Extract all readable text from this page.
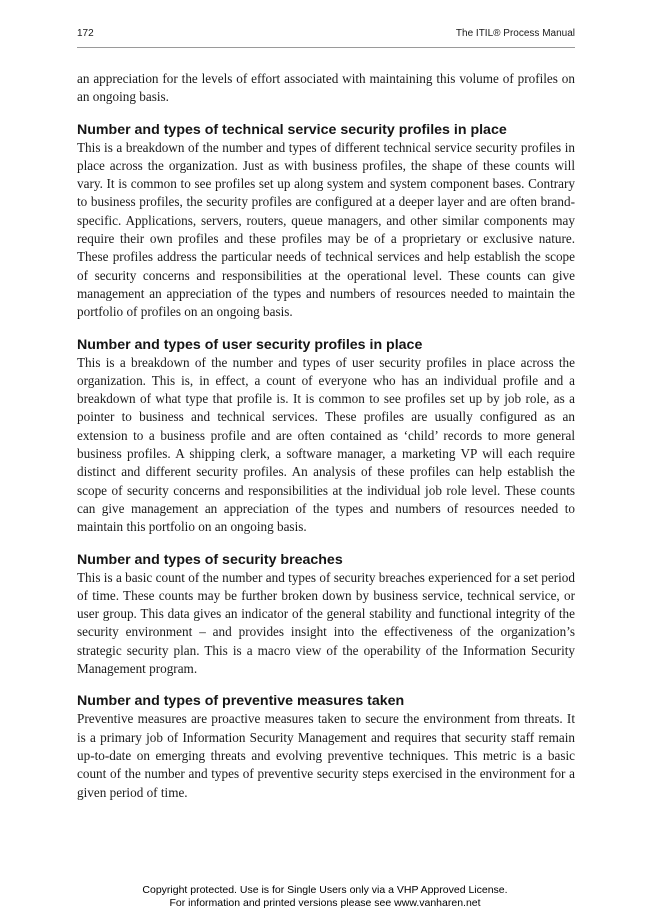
172	The ITIL® Process Manual

an appreciation for the levels of effort associated with maintaining this volume of profiles on an ongoing basis.

Number and types of technical service security profiles in place

This is a breakdown of the number and types of different technical service security profiles in place across the organization. Just as with business profiles, the shape of these counts will vary. It is common to see profiles set up along system and system component bases. Contrary to business profiles, the security profiles are configured at a deeper layer and are often brand-specific. Applications, servers, routers, queue managers, and other similar components may require their own profiles and these profiles may be of a proprietary or exclusive nature. These profiles address the particular needs of technical services and help establish the scope of security concerns and responsibilities at the operational level. These counts can give management an appreciation of the types and numbers of resources needed to maintain the portfolio of profiles on an ongoing basis.

Number and types of user security profiles in place

This is a breakdown of the number and types of user security profiles in place across the organization. This is, in effect, a count of everyone who has an individual profile and a breakdown of what type that profile is. It is common to see profiles set up by job role, as a pointer to business and technical services. These profiles are usually configured as an extension to a business profile and are often contained as ‘child’ records to more general business profiles. A shipping clerk, a software manager, a marketing VP will each require distinct and different security profiles. An analysis of these profiles can help establish the scope of security concerns and responsibilities at the individual job role level. These counts can give management an appreciation of the types and numbers of resources needed to maintain this portfolio on an ongoing basis.

Number and types of security breaches

This is a basic count of the number and types of security breaches experienced for a set period of time. These counts may be further broken down by business service, technical service, or user group. This data gives an indicator of the general stability and functional integrity of the security environment – and provides insight into the effectiveness of the organization’s strategic security plan. This is a macro view of the operability of the Information Security Management program.

Number and types of preventive measures taken

Preventive measures are proactive measures taken to secure the environment from threats. It is a primary job of Information Security Management and requires that security staff remain up-to-date on emerging threats and evolving preventive techniques. This metric is a basic count of the number and types of preventive security steps exercised in the environment for a given period of time.

Copyright protected. Use is for Single Users only via a VHP Approved License.
For information and printed versions please see www.vanharen.net
